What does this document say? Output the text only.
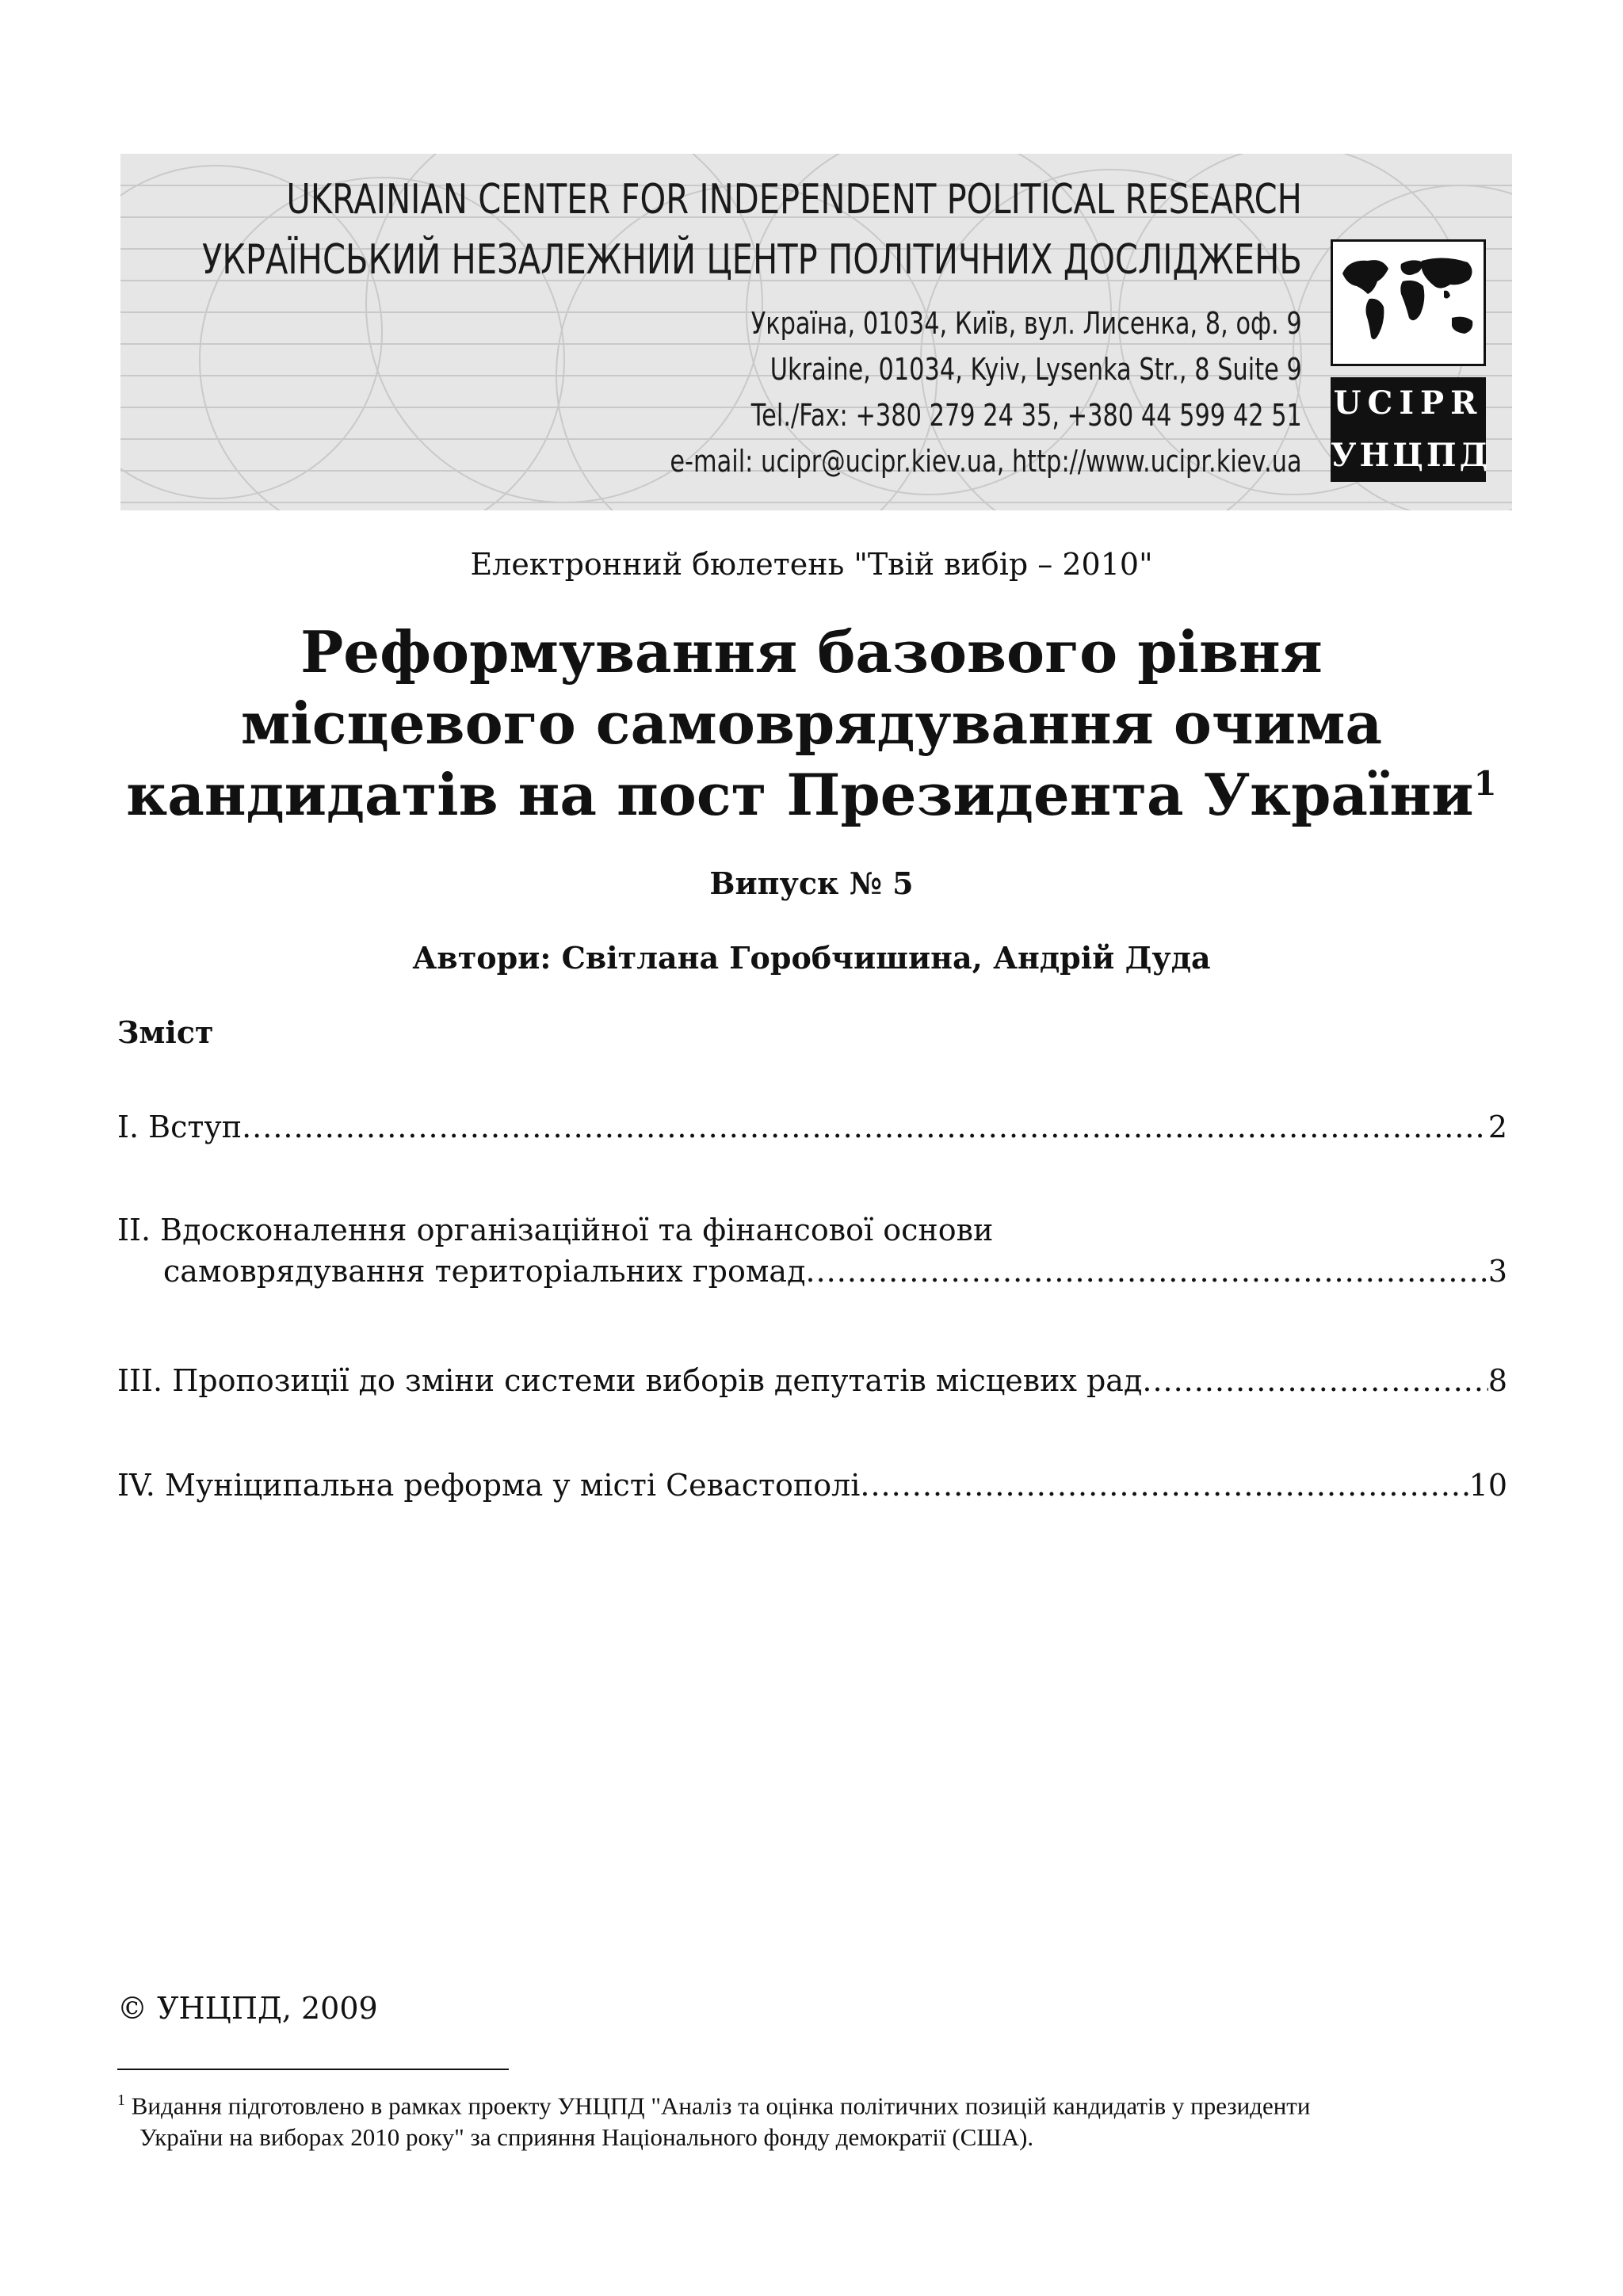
UKRAINIAN CENTER FOR INDEPENDENT POLITICAL RESEARCH
УКРАЇНСЬКИЙ НЕЗАЛЕЖНИЙ ЦЕНТР ПОЛІТИЧНИХ ДОСЛІДЖЕНЬ
Україна, 01034, Київ, вул. Лисенка, 8, оф. 9
Ukraine, 01034, Kyiv, Lysenka Str., 8 Suite 9
Tel./Fax: +380 279 24 35, +380 44 599 42 51
e-mail: ucipr@ucipr.kiev.ua, http://www.ucipr.kiev.ua
UCIPR
УНЦПД
Електронний бюлетень "Твій вибір – 2010"
Реформування базового рівня
місцевого самоврядування очима
кандидатів на пост Президента України$^1$
Випуск № 5
Автори: Світлана Горобчишина, Андрій Дуда
Зміст
I. Вступ .....	2
II. Вдосконалення організаційної та фінансової основи
самоврядування територіальних громад .....	3
III. Пропозиції до зміни системи виборів депутатів місцевих рад .....	8
IV. Муніципальна реформа у місті Севастополі .....	10
© УНЦПД, 2009
$^1$ Видання підготовлено в рамках проекту УНЦПД "Аналіз та оцінка політичних позицій кандидатів у президенти
України на виборах 2010 року" за сприяння Національного фонду демократії (США).
